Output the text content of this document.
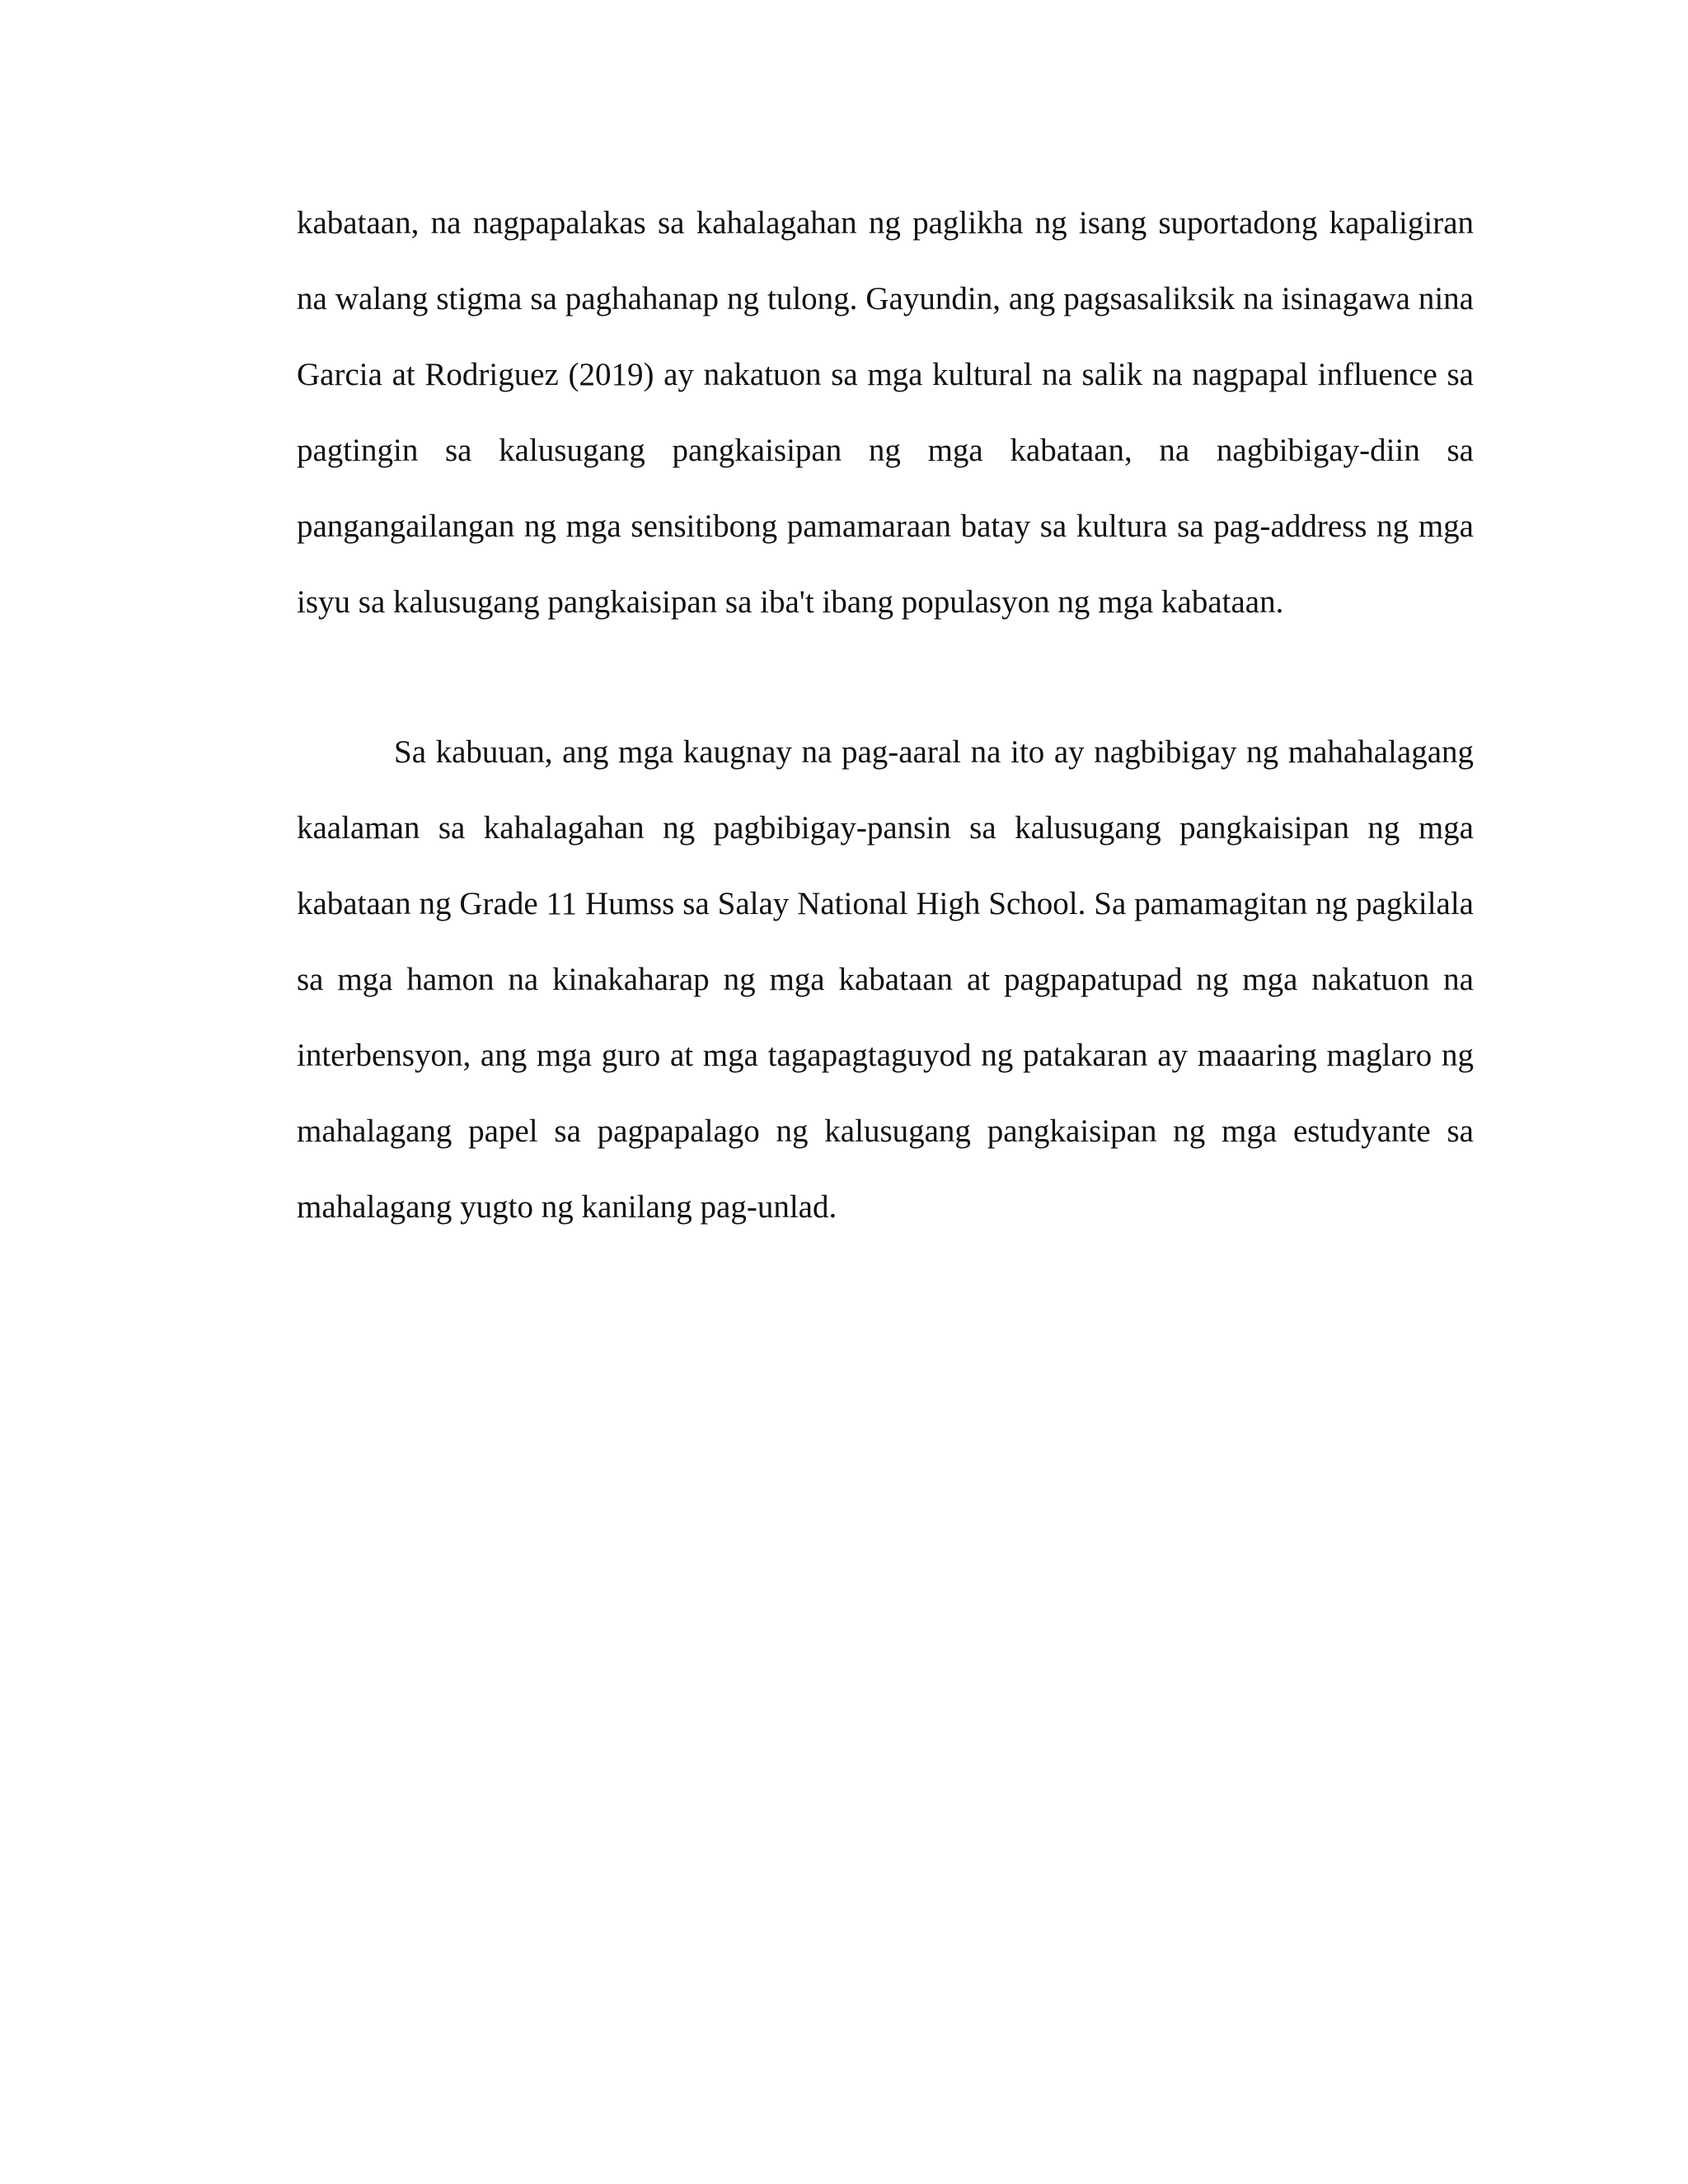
kabataan, na nagpapalakas sa kahalagahan ng paglikha ng isang suportadong kapaligiran na walang stigma sa paghahanap ng tulong. Gayundin, ang pagsasaliksik na isinagawa nina Garcia at Rodriguez (2019) ay nakatuon sa mga kultural na salik na nagpapal influence sa pagtingin sa kalusugang pangkaisipan ng mga kabataan, na nagbibigay-diin sa pangangailangan ng mga sensitibong pamamaraan batay sa kultura sa pag-address ng mga isyu sa kalusugang pangkaisipan sa iba't ibang populasyon ng mga kabataan.

Sa kabuuan, ang mga kaugnay na pag-aaral na ito ay nagbibigay ng mahahalagang kaalaman sa kahalagahan ng pagbibigay-pansin sa kalusugang pangkaisipan ng mga kabataan ng Grade 11 Humss sa Salay National High School. Sa pamamagitan ng pagkilala sa mga hamon na kinakaharap ng mga kabataan at pagpapatupad ng mga nakatuon na interbensyon, ang mga guro at mga tagapagtaguyod ng patakaran ay maaaring maglaro ng mahalagang papel sa pagpapalago ng kalusugang pangkaisipan ng mga estudyante sa mahalagang yugto ng kanilang pag-unlad.
